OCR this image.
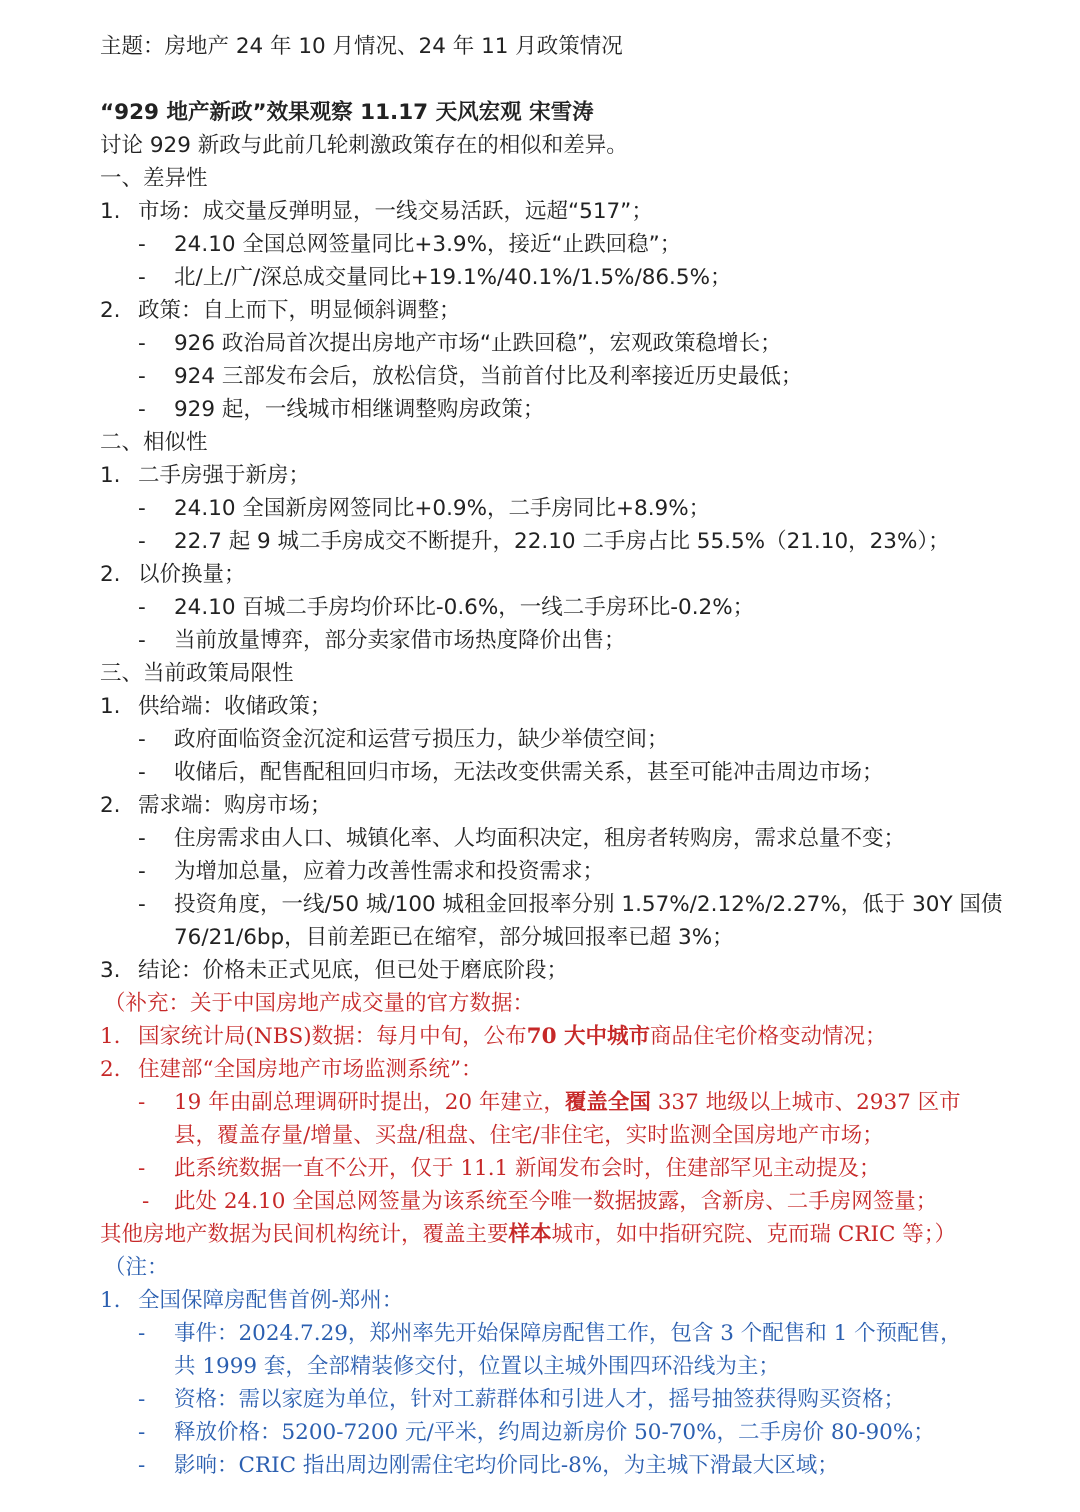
主题：房地产 24 年 10 月情况、24 年 11 月政策情况
“929 地产新政”效果观察 11.17 天风宏观 宋雪涛
讨论 929 新政与此前几轮刺激政策存在的相似和差异。
一、差异性
1. 市场：成交量反弹明显，一线交易活跃，远超“517”；
-	24.10 全国总网签量同比+3.9%，接近“止跌回稳”；
-	北/上/广/深总成交量同比+19.1%/40.1%/1.5%/86.5%；
2. 政策：自上而下，明显倾斜调整；
-	926 政治局首次提出房地产市场“止跌回稳”，宏观政策稳增长；
-	924 三部发布会后，放松信贷，当前首付比及利率接近历史最低；
-	929 起，一线城市相继调整购房政策；
二、相似性
1. 二手房强于新房；
-	24.10 全国新房网签同比+0.9%，二手房同比+8.9%；
-	22.7 起 9 城二手房成交不断提升，22.10 二手房占比 55.5%（21.10，23%）；
2. 以价换量；
-	24.10 百城二手房均价环比-0.6%，一线二手房环比-0.2%；
-	当前放量博弈，部分卖家借市场热度降价出售；
三、当前政策局限性
1. 供给端：收储政策；
-	政府面临资金沉淀和运营亏损压力，缺少举债空间；
-	收储后，配售配租回归市场，无法改变供需关系，甚至可能冲击周边市场；
2. 需求端：购房市场；
-	住房需求由人口、城镇化率、人均面积决定，租房者转购房，需求总量不变；
-	为增加总量，应着力改善性需求和投资需求；
-	投资角度，一线/50 城/100 城租金回报率分别 1.57%/2.12%/2.27%，低于 30Y 国债
76/21/6bp，目前差距已在缩窄，部分城回报率已超 3%；
3. 结论：价格未正式见底，但已处于磨底阶段；
（补充：关于中国房地产成交量的官方数据：
1. 国家统计局(NBS)数据：每月中旬，公布70 大中城市商品住宅价格变动情况；
2. 住建部“全国房地产市场监测系统”：
-	19 年由副总理调研时提出，20 年建立，覆盖全国 337 地级以上城市、2937 区市
县，覆盖存量/增量、买盘/租盘、住宅/非住宅，实时监测全国房地产市场；
-	此系统数据一直不公开，仅于 11.1 新闻发布会时，住建部罕见主动提及；
-	此处 24.10 全国总网签量为该系统至今唯一数据披露，含新房、二手房网签量；
其他房地产数据为民间机构统计，覆盖主要样本城市，如中指研究院、克而瑞 CRIC 等；）
（注：
1. 全国保障房配售首例-郑州：
-	事件：2024.7.29，郑州率先开始保障房配售工作，包含 3 个配售和 1 个预配售，
共 1999 套，全部精装修交付，位置以主城外围四环沿线为主；
-	资格：需以家庭为单位，针对工薪群体和引进人才，摇号抽签获得购买资格；
-	释放价格：5200-7200 元/平米，约周边新房价 50-70%，二手房价 80-90%；
-	影响：CRIC 指出周边刚需住宅均价同比-8%，为主城下滑最大区域；
